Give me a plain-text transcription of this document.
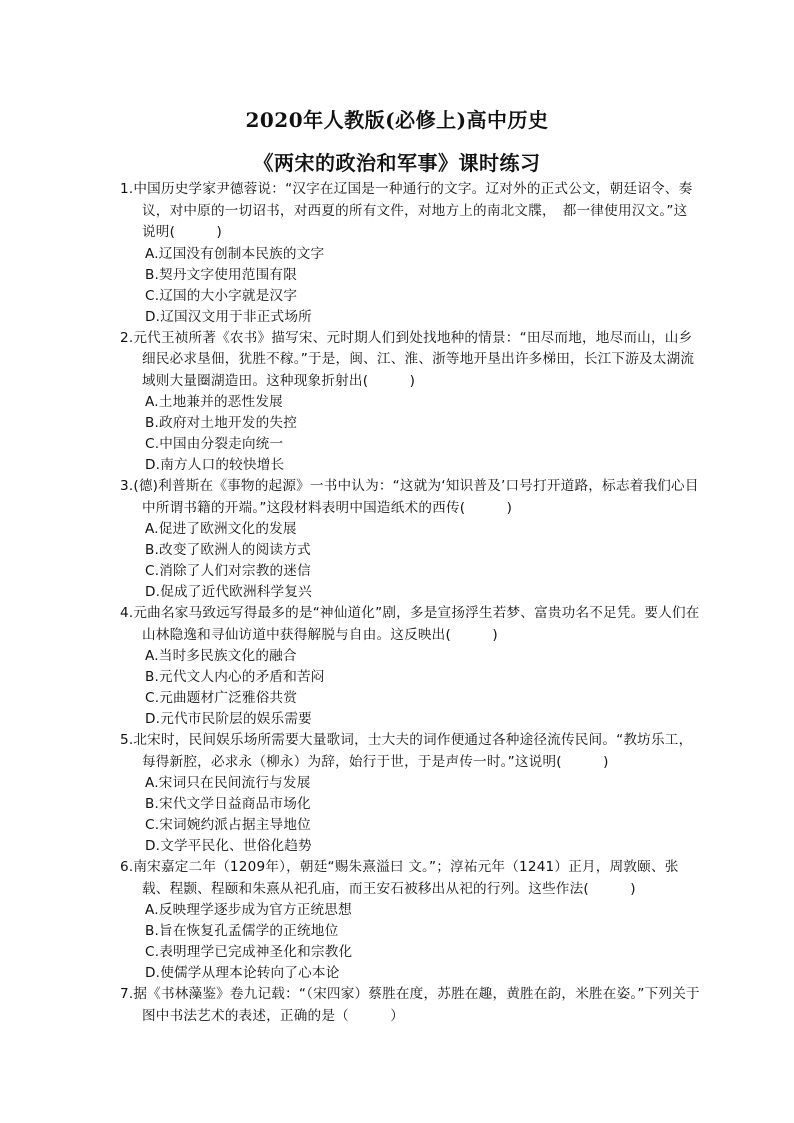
2020年人教版(必修上)高中历史
《两宋的政治和军事》课时练习
1.中国历史学家尹德蓉说：“汉字在辽国是一种通行的文字。辽对外的正式公文，朝廷诏令、奏议，对中原的一切诏书，对西夏的所有文件，对地方上的南北文牒，　都一律使用汉文。”这说明(　　　)
A.辽国没有创制本民族的文字
B.契丹文字使用范围有限
C.辽国的大小字就是汉字
D.辽国汉文用于非正式场所
2.元代王祯所著《农书》描写宋、元时期人们到处找地种的情景：“田尽而地，地尽而山，山乡细民必求垦佃，犹胜不稼。”于是，闽、江、淮、浙等地开垦出许多梯田，长江下游及太湖流域则大量圈湖造田。这种现象折射出(　　　)
A.土地兼并的恶性发展
B.政府对土地开发的失控
C.中国由分裂走向统一
D.南方人口的较快增长
3.(德)利普斯在《事物的起源》一书中认为：“这就为‘知识普及’口号打开道路，标志着我们心目中所谓书籍的开端。”这段材料表明中国造纸术的西传(　　　)
A.促进了欧洲文化的发展
B.改变了欧洲人的阅读方式
C.消除了人们对宗教的迷信
D.促成了近代欧洲科学复兴
4.元曲名家马致远写得最多的是“神仙道化”剧，多是宣扬浮生若梦、富贵功名不足凭。要人们在山林隐逸和寻仙访道中获得解脱与自由。这反映出(　　　)
A.当时多民族文化的融合
B.元代文人内心的矛盾和苦闷
C.元曲题材广泛雅俗共赏
D.元代市民阶层的娱乐需要
5.北宋时，民间娱乐场所需要大量歌词，士大夫的词作便通过各种途径流传民间。“教坊乐工，每得新腔，必求永（柳永）为辞，始行于世，于是声传一时。”这说明(　　　)
A.宋词只在民间流行与发展
B.宋代文学日益商品市场化
C.宋词婉约派占据主导地位
D.文学平民化、世俗化趋势
6.南宋嘉定二年（1209年），朝廷“赐朱熹溢曰 文。”；淳祐元年（1241）正月，周敦颐、张载、程颢、程颐和朱熹从祀孔庙，而王安石被移出从祀的行列。这些作法(　　　)
A.反映理学逐步成为官方正统思想
B.旨在恢复孔孟儒学的正统地位
C.表明理学已完成神圣化和宗教化
D.使儒学从理本论转向了心本论
7.据《书林藻鉴》卷九记载：“（宋四家）蔡胜在度，苏胜在趣，黄胜在韵，米胜在姿。”下列关于图中书法艺术的表述，正确的是（　　　）
